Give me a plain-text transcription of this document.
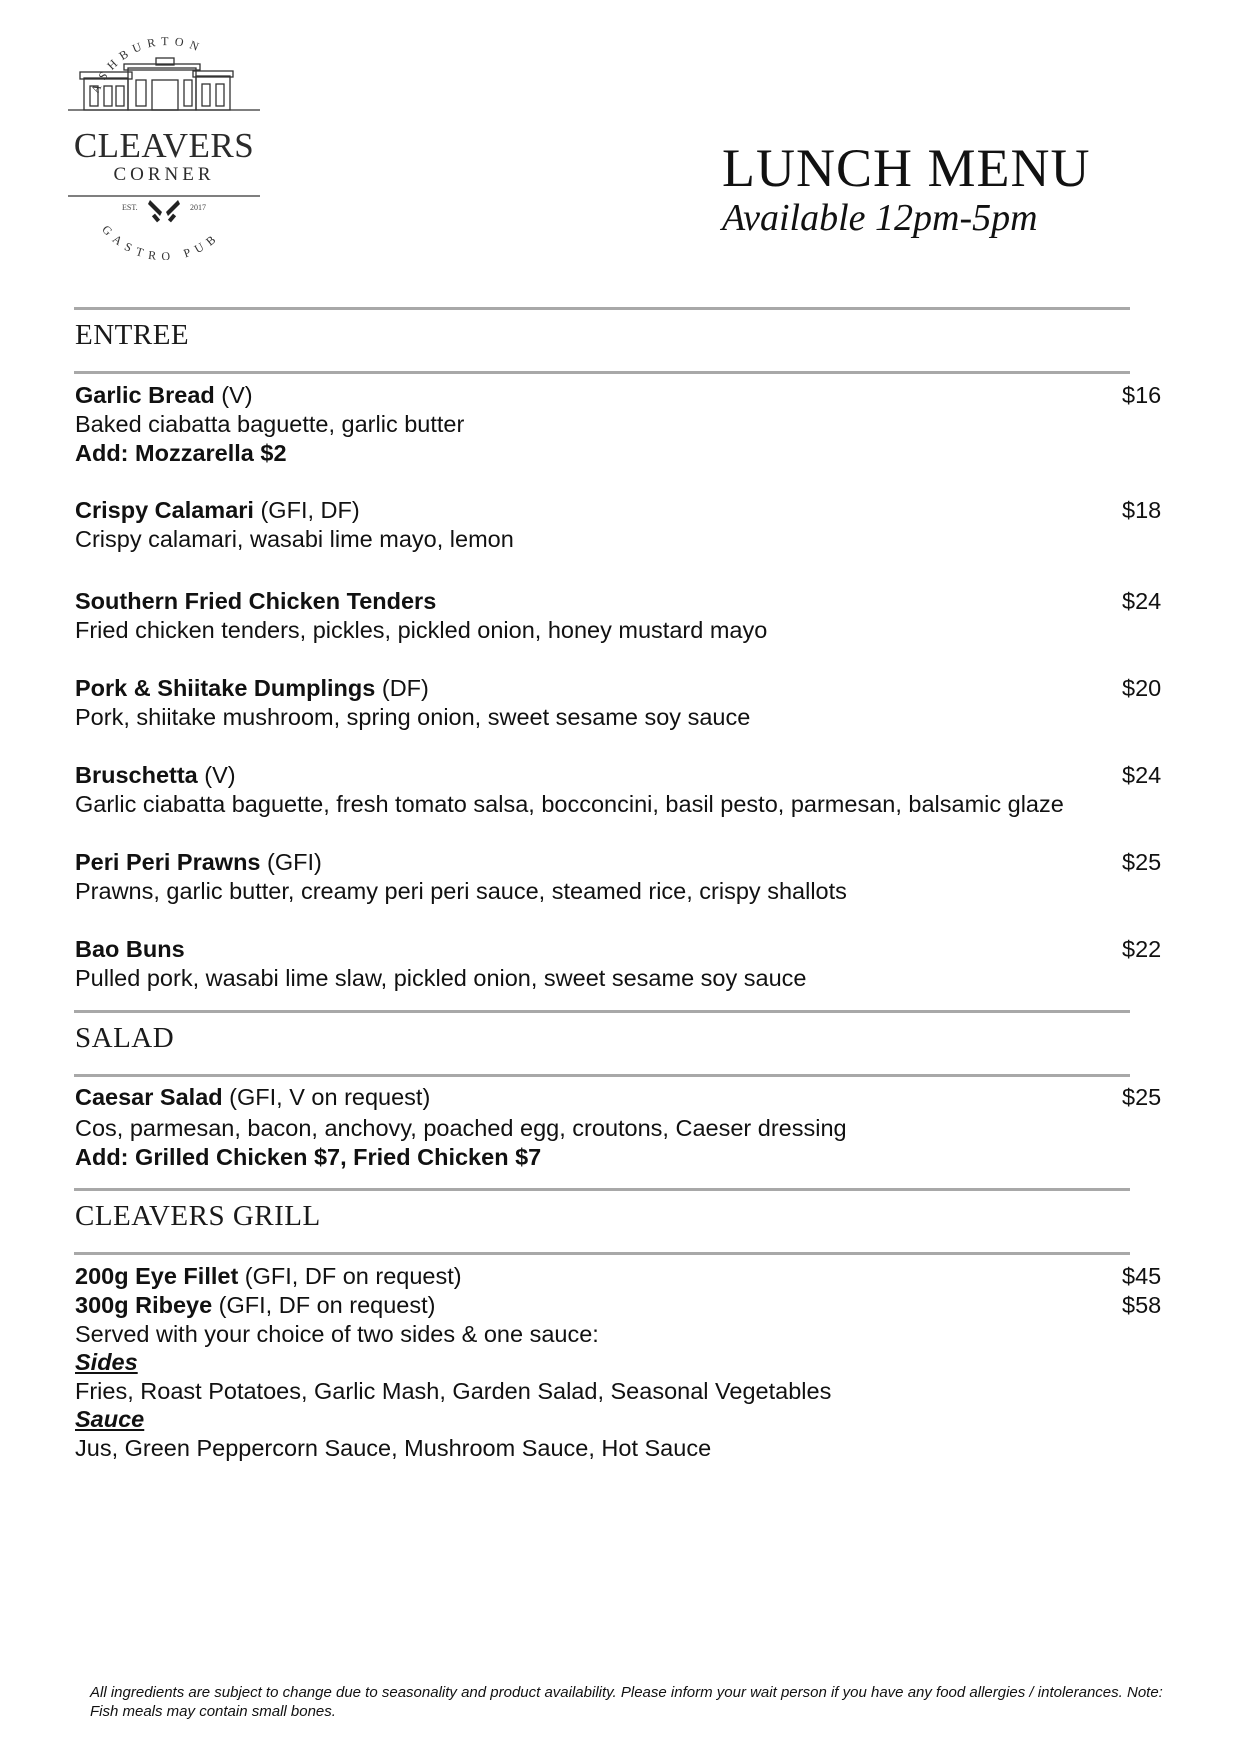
ASHBURTON
GASTRO PUB
EST.	2017
CLEAVERS
CORNER	LUNCH MENU
Available 12pm-5pm
ENTREE
Garlic Bread (V)	$16
Baked ciabatta baguette, garlic butter
Add: Mozzarella $2
Crispy Calamari (GFI, DF)	$18
Crispy calamari, wasabi lime mayo, lemon
Southern Fried Chicken Tenders	$24
Fried chicken tenders, pickles, pickled onion, honey mustard mayo
Pork & Shiitake Dumplings (DF)	$20
Pork, shiitake mushroom, spring onion, sweet sesame soy sauce
Bruschetta (V)	$24
Garlic ciabatta baguette, fresh tomato salsa, bocconcini, basil pesto, parmesan, balsamic glaze
Peri Peri Prawns (GFI)	$25
Prawns, garlic butter, creamy peri peri sauce, steamed rice, crispy shallots
Bao Buns	$22
Pulled pork, wasabi lime slaw, pickled onion, sweet sesame soy sauce
SALAD
Caesar Salad (GFI, V on request)	$25
Cos, parmesan, bacon, anchovy, poached egg, croutons, Caeser dressing
Add: Grilled Chicken $7, Fried Chicken $7
CLEAVERS GRILL
200g Eye Fillet (GFI, DF on request)	$45
300g Ribeye (GFI, DF on request)	$58
Served with your choice of two sides & one sauce:
Sides
Fries, Roast Potatoes, Garlic Mash, Garden Salad, Seasonal Vegetables
Sauce
Jus, Green Peppercorn Sauce, Mushroom Sauce, Hot Sauce
All ingredients are subject to change due to seasonality and product availability. Please inform your wait person if you have any food allergies / intolerances. Note: Fish meals may contain small bones.
